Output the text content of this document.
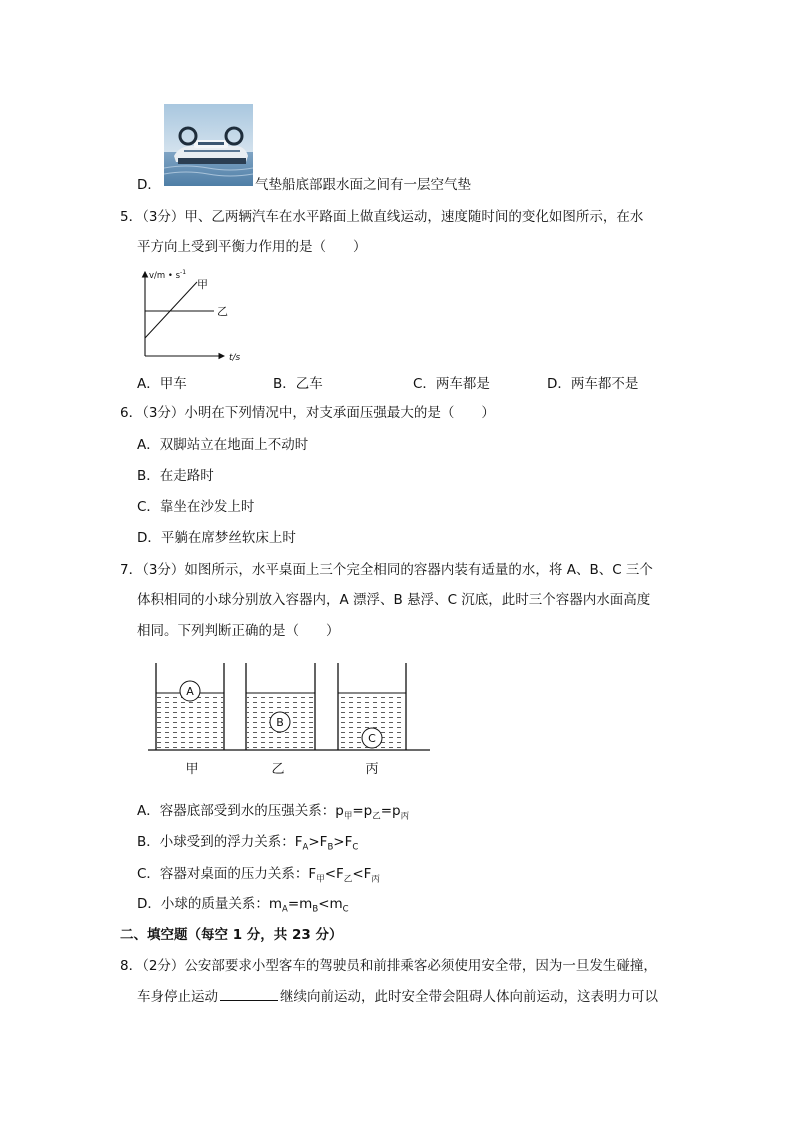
D．	气垫船底部跟水面之间有一层空气垫
5．（3分）甲、乙两辆汽车在水平路面上做直线运动，速度随时间的变化如图所示，在水
平方向上受到平衡力作用的是（　　）
v/m • $s^{-1}$
甲
乙
t/s
A．甲车	B．乙车	C．两车都是	D．两车都不是
6．（3分）小明在下列情况中，对支承面压强最大的是（　　）
A．双脚站立在地面上不动时
B．在走路时
C．靠坐在沙发上时
D．平躺在席梦丝软床上时
7．（3分）如图所示，水平桌面上三个完全相同的容器内装有适量的水，将 A、B、C 三个
体积相同的小球分别放入容器内，A 漂浮、B 悬浮、C 沉底，此时三个容器内水面高度
相同。下列判断正确的是（　　）
A
B
C
甲	乙	丙
A．容器底部受到水的压强关系：$p_甲=p_乙=p_丙$
B．小球受到的浮力关系：$F_A>F_B>F_C$
C．容器对桌面的压力关系：$F_甲<F_乙<F_丙$
D．小球的质量关系：$m_A=m_B<m_C$
二、填空题（每空 1 分，共 23 分）
8．（2分）公安部要求小型客车的驾驶员和前排乘客必须使用安全带，因为一旦发生碰撞，
车身停止运动	继续向前运动，此时安全带会阻碍人体向前运动，这表明力可以
